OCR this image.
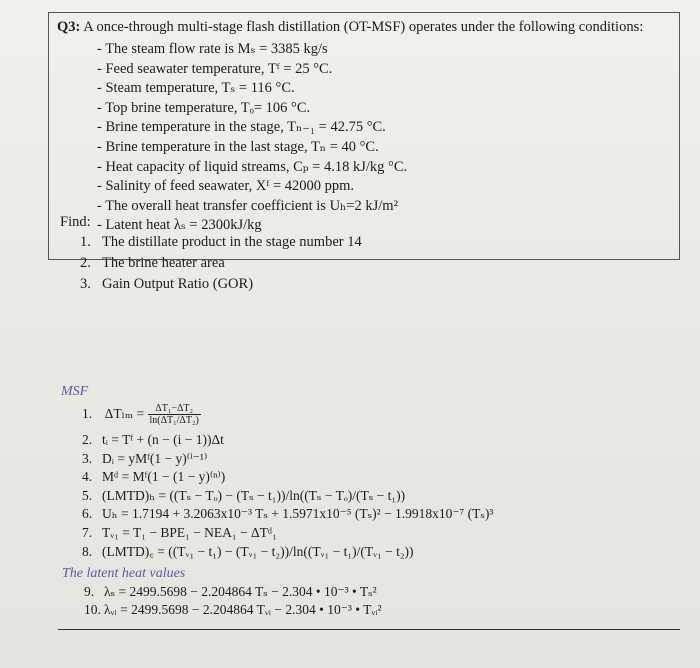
Q3: A once-through multi-stage flash distillation (OT-MSF) operates under the following conditions:
- The steam flow rate is Mₛ = 3385 kg/s
- Feed seawater temperature, Tᶠ = 25 °C.
- Steam temperature, Tₛ = 116 °C.
- Top brine temperature, Tₒ= 106 °C.
- Brine temperature in the stage, Tₙ₋₁ = 42.75 °C.
- Brine temperature in the last stage, Tₙ = 40 °C.
- Heat capacity of liquid streams, Cₚ = 4.18 kJ/kg °C.
- Salinity of feed seawater, Xᶠ = 42000 ppm.
- The overall heat transfer coefficient is Uₕ=2 kJ/m²
- Latent heat λₛ = 2300kJ/kg
Find:
1. The distillate product in the stage number 14
2. The brine heater area
3. Gain Output Ratio (GOR)
MSF
1. $\Delta T_{lm} = \frac{\text{ΔT₁−ΔT₂}}{\text{ln(ΔT₁/ΔT₂)}}$
2. tᵢ = Tᶠ + (n − (i − 1))Δt
3. Dᵢ = yMᶠ(1 − y)⁽ⁱ⁻¹⁾
4. Mᵈ = Mᶠ(1 − (1 − y)⁽ⁿ⁾)
5. (LMTD)ₕ = ((Tₛ − Tₒ) − (Tₛ − t₁))/ln((Tₛ − Tₒ)/(Tₛ − t₁))
6. Uₕ = 1.7194 + 3.2063x10⁻³ Tₛ + 1.5971x10⁻⁵ (Tₛ)² − 1.9918x10⁻⁷ (Tₛ)³
7. Tᵥ₁ = T₁ − BPE₁ − NEA₁ − ΔTᵈ₁
8. (LMTD)꜀ = ((Tᵥ₁ − t₁) − (Tᵥ₁ − t₂))/ln((Tᵥ₁ − t₁)/(Tᵥ₁ − t₂))
The latent heat values
9. λₛ = 2499.5698 − 2.204864 Tₛ − 2.304 • 10⁻³ • Tₛ²
10. λᵥᵢ = 2499.5698 − 2.204864 Tᵥᵢ − 2.304 • 10⁻³ • Tᵥᵢ²
